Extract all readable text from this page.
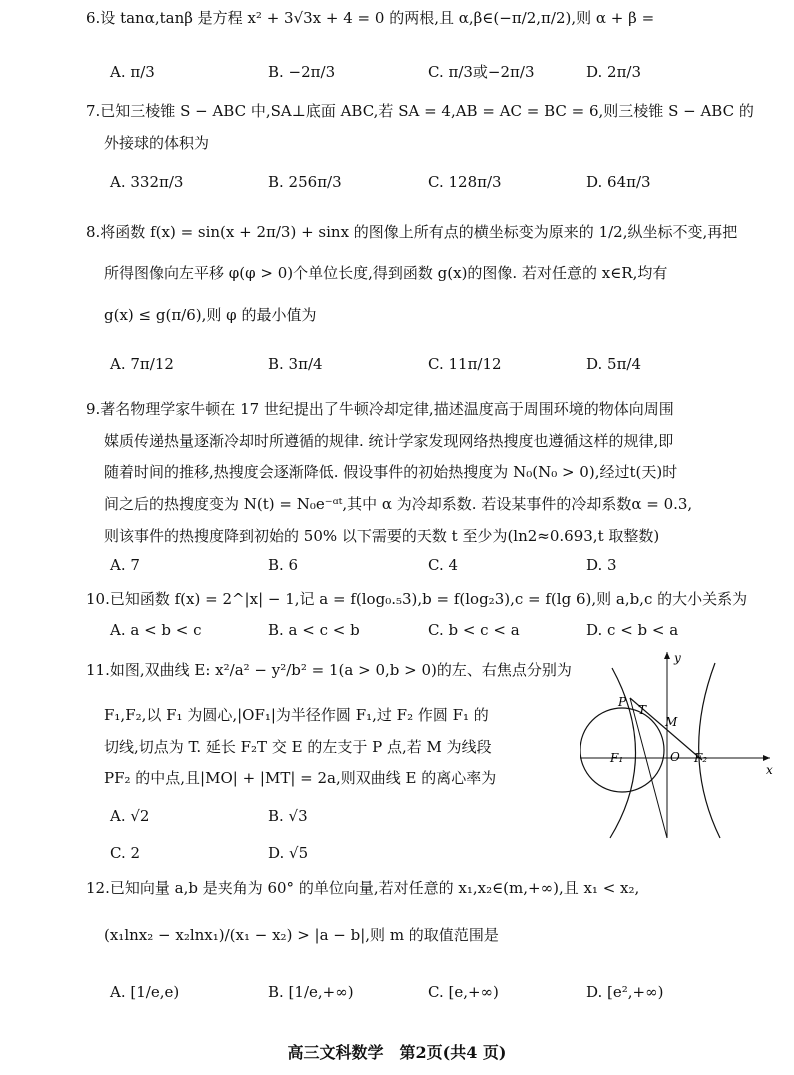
6.设 tanα,tanβ 是方程 x² + 3√3x + 4 = 0 的两根,且 α,β∈(−π/2,π/2),则 α + β =
A. π/3	B. −2π/3	C. π/3或−2π/3	D. 2π/3
7.已知三棱锥 S − ABC 中,SA⊥底面 ABC,若 SA = 4,AB = AC = BC = 6,则三棱锥 S − ABC 的
外接球的体积为
A. 332π/3	B. 256π/3	C. 128π/3	D. 64π/3
8.将函数 f(x) = sin(x + 2π/3) + sinx 的图像上所有点的横坐标变为原来的 1/2,纵坐标不变,再把
所得图像向左平移 φ(φ > 0)个单位长度,得到函数 g(x)的图像. 若对任意的 x∈R,均有
g(x) ≤ g(π/6),则 φ 的最小值为
A. 7π/12	B. 3π/4	C. 11π/12	D. 5π/4
9.著名物理学家牛顿在 17 世纪提出了牛顿冷却定律,描述温度高于周围环境的物体向周围
媒质传递热量逐渐冷却时所遵循的规律. 统计学家发现网络热搜度也遵循这样的规律,即
随着时间的推移,热搜度会逐渐降低. 假设事件的初始热搜度为 N₀(N₀ > 0),经过t(天)时
间之后的热搜度变为 N(t) = N₀e⁻ᵅᵗ,其中 α 为冷却系数. 若设某事件的冷却系数α = 0.3,
则该事件的热搜度降到初始的 50% 以下需要的天数 t 至少为(ln2≈0.693,t 取整数)
A. 7	B. 6	C. 4	D. 3
10.已知函数 f(x) = 2^|x| − 1,记 a = f(log₀.₅3),b = f(log₂3),c = f(lg 6),则 a,b,c 的大小关系为
A. a < b < c	B. a < c < b	C. b < c < a	D. c < b < a
11.如图,双曲线 E: x²/a² − y²/b² = 1(a > 0,b > 0)的左、右焦点分别为
F₁,F₂,以 F₁ 为圆心,|OF₁|为半径作圆 F₁,过 F₂ 作圆 F₁ 的
切线,切点为 T. 延长 F₂T 交 E 的左支于 P 点,若 M 为线段
PF₂ 的中点,且|MO| + |MT| = 2a,则双曲线 E 的离心率为
A. √2	B. √3
C. 2	D. √5
y
x
P
T
M
F₁	O F₂
12.已知向量 a,b 是夹角为 60° 的单位向量,若对任意的 x₁,x₂∈(m,+∞),且 x₁ < x₂,
(x₁lnx₂ − x₂lnx₁)/(x₁ − x₂) > |a − b|,则 m 的取值范围是
A. [1/e,e)	B. [1/e,+∞)	C. [e,+∞)	D. [e²,+∞)
高三文科数学　第2页(共4 页)
